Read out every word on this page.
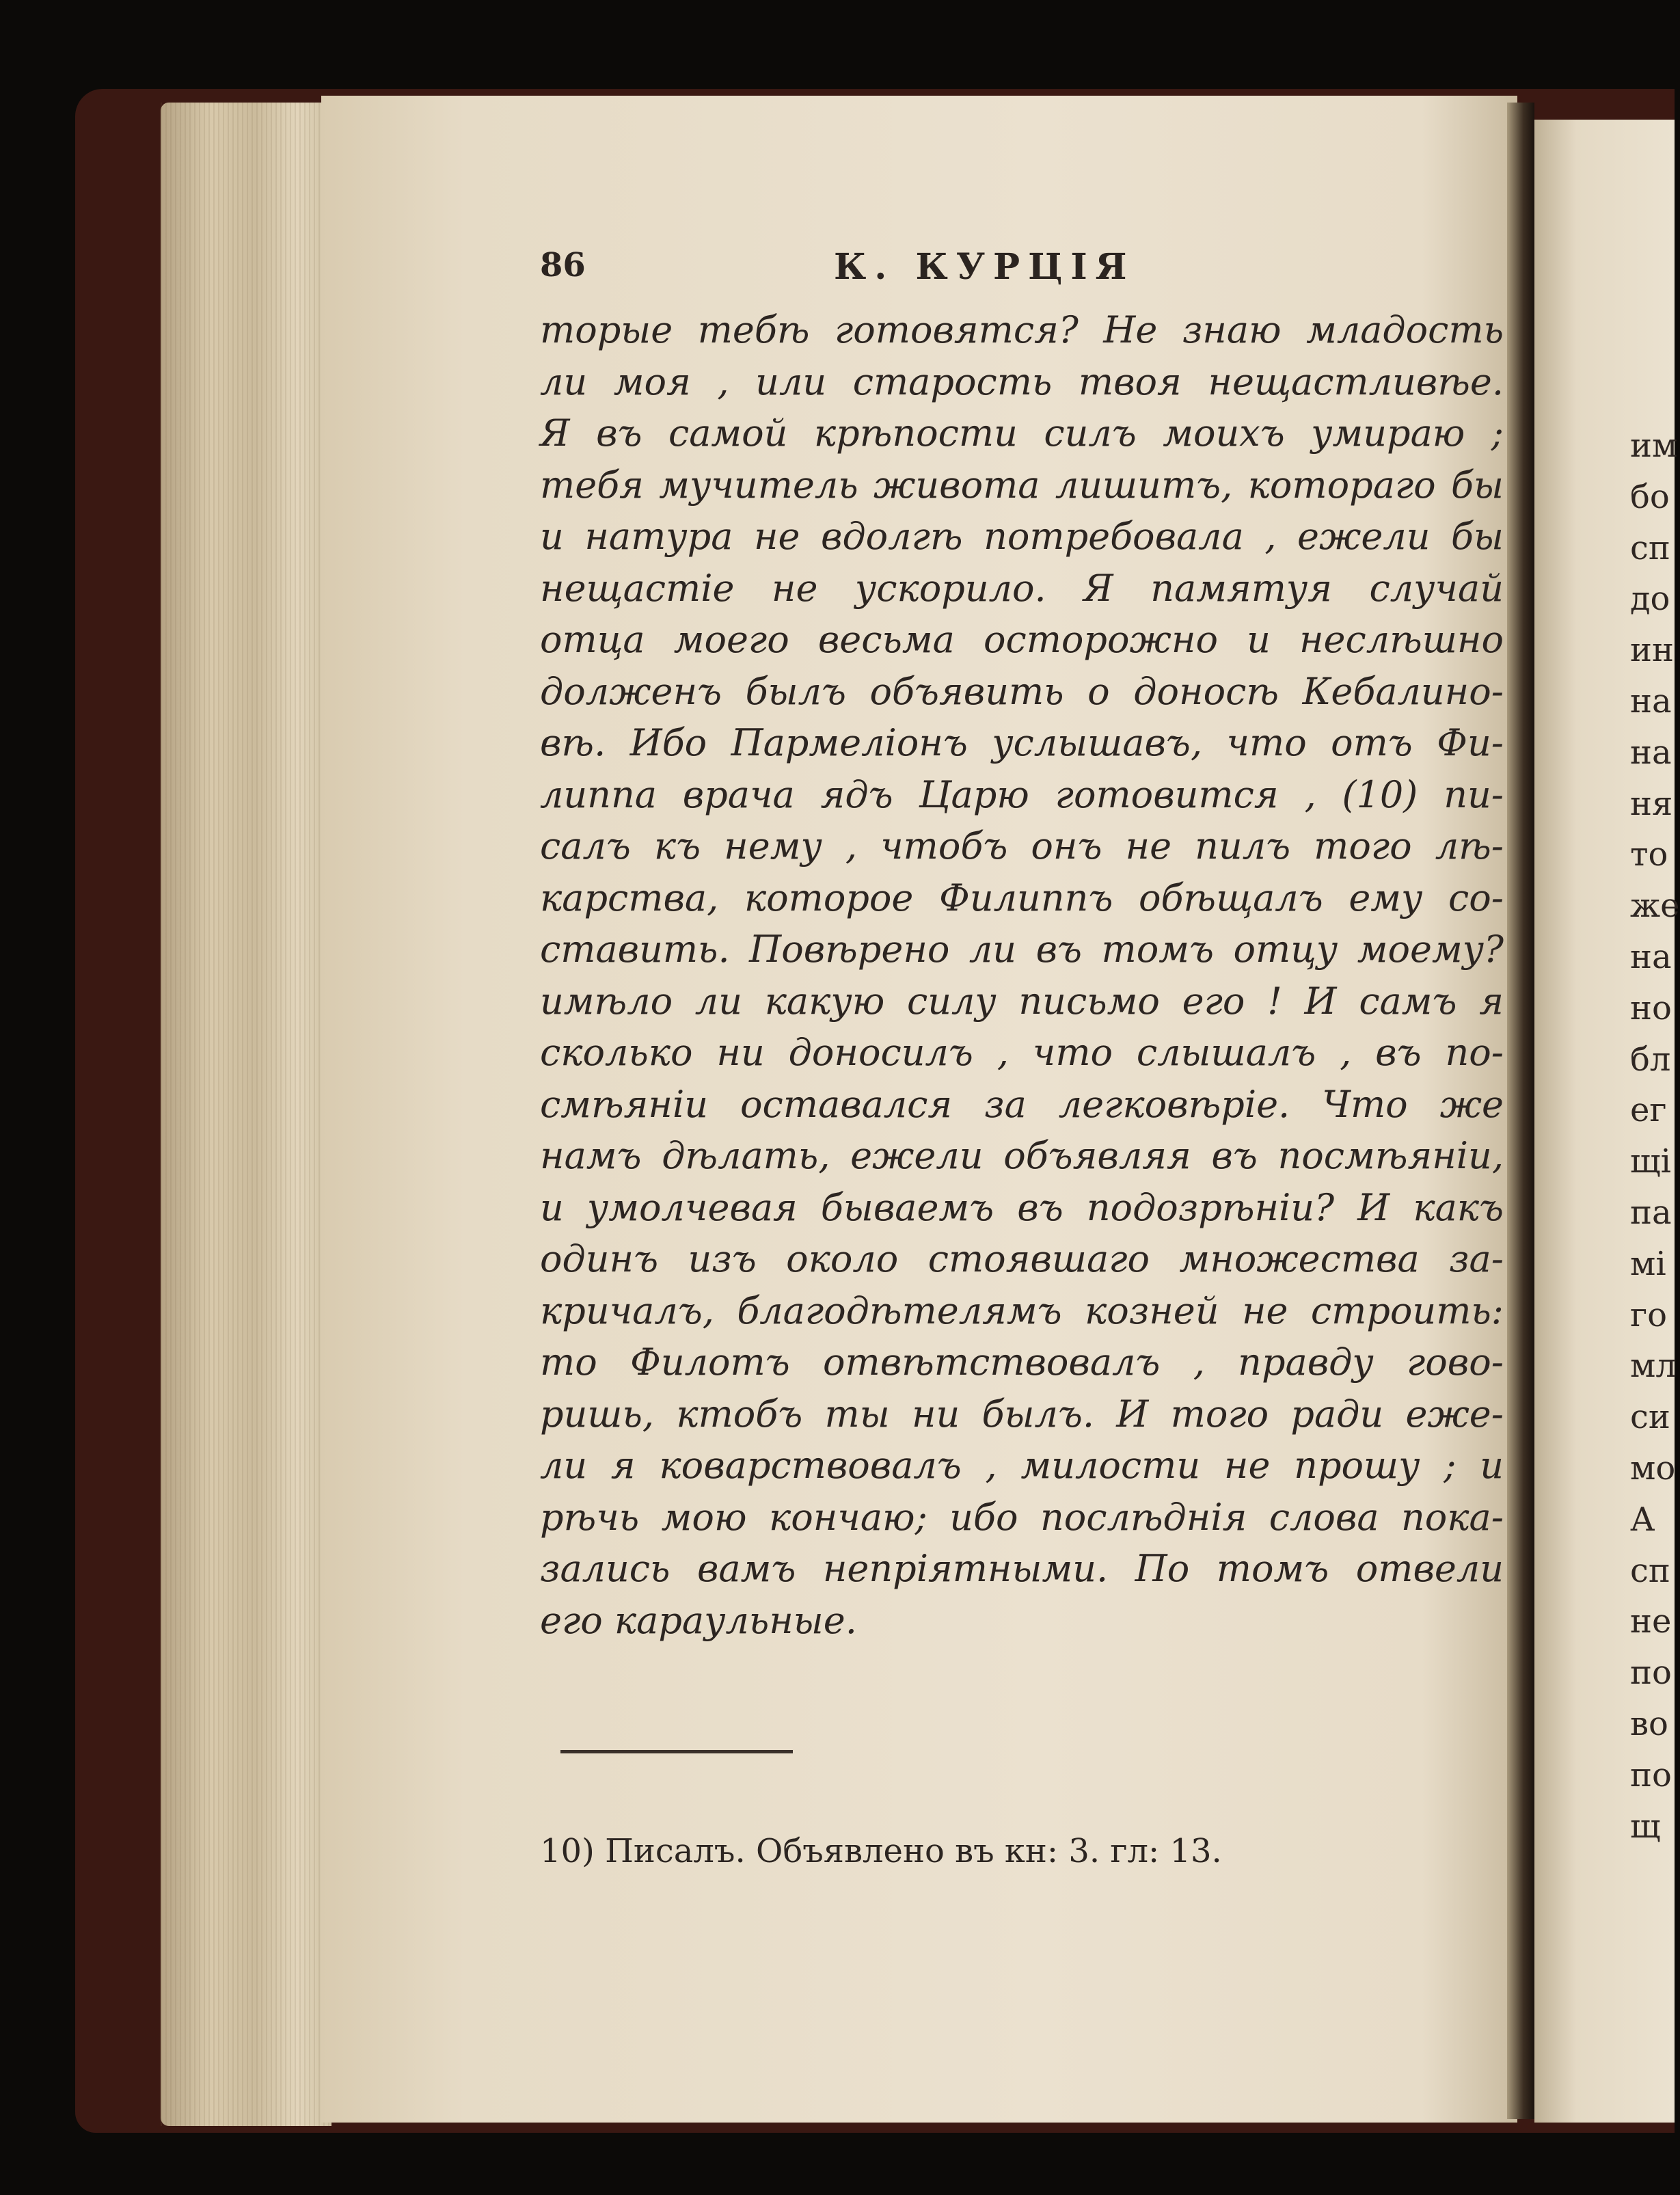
86	К. КУРЦІЯ
торые тебѣ готовятся? Не знаю младость
ли моя , или старость твоя нещастливѣе.
Я въ самой крѣпости силъ моихъ умираю ;
тебя мучитель живота лишитъ, котораго бы
и натура не вдолгѣ потребовала , ежели бы
нещастіе не ускорило. Я памятуя случай
отца моего весьма осторожно и неслѣшно
долженъ былъ объявить о доносѣ Кебалино-
вѣ. Ибо Пармеліонъ услышавъ, что отъ Фи-
липпа врача ядъ Царю готовится , (10) пи-
салъ къ нему , чтобъ онъ не пилъ того лѣ-
карства, которое Филиппъ обѣщалъ ему со-
ставить. Повѣрено ли въ томъ отцу моему?
имѣло ли какую силу письмо его ! И самъ я
сколько ни доносилъ , что слышалъ , въ по-
смѣяніи оставался за легковѣріе. Что же
намъ дѣлать, ежели объявляя въ посмѣяніи,
и умолчевая бываемъ въ подозрѣніи? И какъ
одинъ изъ около стоявшаго множества за-
кричалъ, благодѣтелямъ козней не строить:
то Филотъ отвѣтствовалъ , правду гово-
ришь, ктобъ ты ни былъ. И того ради еже-
ли я коварствовалъ , милости не прошу ; и
рѣчь мою кончаю; ибо послѣднія слова пока-
зались вамъ непріятными. По томъ отвели
его караульные.
10) Писалъ. Объявлено въ кн: 3. гл: 13.
им
бо
сп
до
ин
на
на
ня
то
же
на
но
бл
ег
щі
па
мі
го
мл
си
мо
А
сп
не
по
во
по
щ
